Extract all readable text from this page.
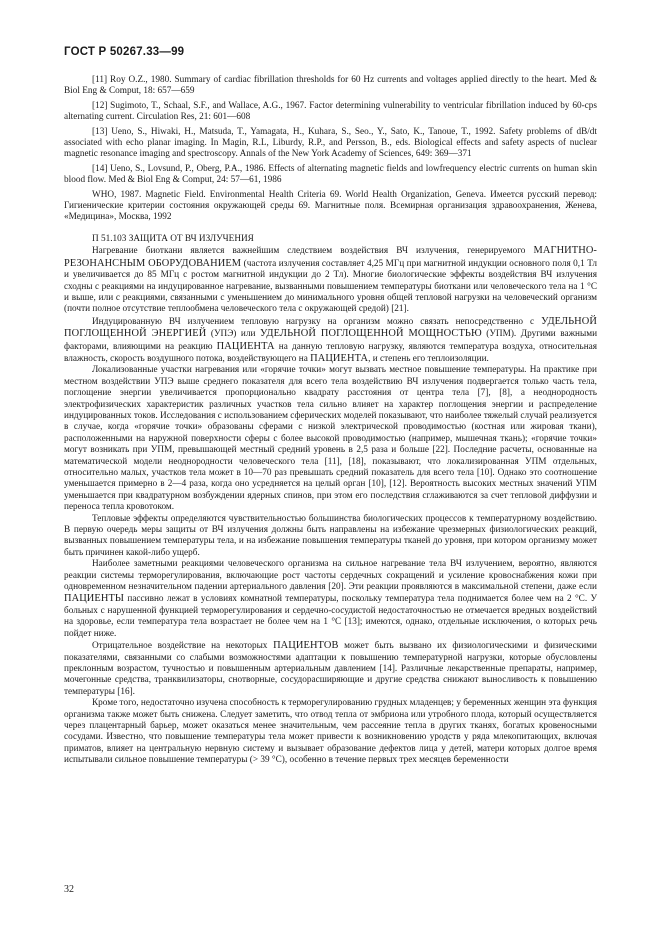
ГОСТ Р 50267.33—99

[11] Roy O.Z., 1980. Summary of cardiac fibrillation thresholds for 60 Hz currents and voltages applied directly to the heart. Med & Biol Eng & Comput, 18: 657—659

[12] Sugimoto, T., Schaal, S.F., and Wallace, A.G., 1967. Factor determining vulnerability to ventricular fibrillation induced by 60-cps alternating current. Circulation Res, 21: 601—608

[13] Ueno, S., Hiwaki, H., Matsuda, T., Yamagata, H., Kuhara, S., Seo., Y., Sato, K., Tanoue, T., 1992. Safety problems of dB/dt associated with echo planar imaging. In Magin, R.L, Liburdy, R.P., and Persson, B., eds. Biological effects and safety aspects of nuclear magnetic resonance imaging and spectroscopy. Annals of the New York Academy of Sciences, 649: 369—371

[14] Ueno, S., Lovsund, P., Oberg, P.A., 1986. Effects of alternating magnetic fields and lowfrequency electric currents on human skin blood flow. Med & Biol Eng & Comput, 24: 57—61, 1986

WHO, 1987. Magnetic Field. Environmental Health Criteria 69. World Health Organization, Geneva. Имеется русский перевод: Гигиенические критерии состояния окружающей среды 69. Магнитные поля. Всемирная организация здравоохранения, Женева, «Медицина», Москва, 1992

П 51.103 ЗАЩИТА ОТ ВЧ ИЗЛУЧЕНИЯ

Нагревание биоткани является важнейшим следствием воздействия ВЧ излучения, генерируемого МАГНИТНО-РЕЗОНАНСНЫМ ОБОРУДОВАНИЕМ (частота излучения составляет 4,25 МГц при магнитной индукции основного поля 0,1 Тл и увеличивается до 85 МГц с ростом магнитной индукции до 2 Тл). Многие биологические эффекты воздействия ВЧ излучения сходны с реакциями на индуцированное нагревание, вызванными повышением температуры биоткани или человеческого тела на 1 °С и выше, или с реакциями, связанными с уменьшением до минимального уровня общей тепловой нагрузки на человеческий организм (почти полное отсутствие теплообмена человеческого тела с окружающей средой) [21].

Индуцированную ВЧ излучением тепловую нагрузку на организм можно связать непосредственно с УДЕЛЬНОЙ ПОГЛОЩЕННОЙ ЭНЕРГИЕЙ (УПЭ) или УДЕЛЬНОЙ ПОГЛОЩЕННОЙ МОЩНОСТЬЮ (УПМ). Другими важными факторами, влияющими на реакцию ПАЦИЕНТА на данную тепловую нагрузку, являются температура воздуха, относительная влажность, скорость воздушного потока, воздействующего на ПАЦИЕНТА, и степень его теплоизоляции.

Локализованные участки нагревания или «горячие точки» могут вызвать местное повышение температуры. На практике при местном воздействии УПЭ выше среднего показателя для всего тела воздействию ВЧ излучения подвергается только часть тела, поглощение энергии увеличивается пропорционально квадрату расстояния от центра тела [7], [8], а неоднородность электрофизических характеристик различных участков тела сильно влияет на характер поглощения энергии и распределение индуцированных токов. Исследования с использованием сферических моделей показывают, что наиболее тяжелый случай реализуется в случае, когда «горячие точки» образованы сферами с низкой электрической проводимостью (костная или жировая ткани), расположенными на наружной поверхности сферы с более высокой проводимостью (например, мышечная ткань); «горячие точки» могут возникать при УПМ, превышающей местный средний уровень в 2,5 раза и больше [22]. Последние расчеты, основанные на математической модели неоднородности человеческого тела [11], [18], показывают, что локализированная УПМ отдельных, относительно малых, участков тела может в 10—70 раз превышать средний показатель для всего тела [10]. Однако это соотношение уменьшается примерно в 2—4 раза, когда оно усредняется на целый орган [10], [12]. Вероятность высоких местных значений УПМ уменьшается при квадратурном возбуждении ядерных спинов, при этом его последствия сглаживаются за счет тепловой диффузии и переноса тепла кровотоком.

Тепловые эффекты определяются чувствительностью большинства биологических процессов к температурному воздействию. В первую очередь меры защиты от ВЧ излучения должны быть направлены на избежание чрезмерных физиологических реакций, вызванных повышением температуры тела, и на избежание повышения температуры тканей до уровня, при котором организму может быть причинен какой-либо ущерб.

Наиболее заметными реакциями человеческого организма на сильное нагревание тела ВЧ излучением, вероятно, являются реакции системы терморегулирования, включающие рост частоты сердечных сокращений и усиление кровоснабжения кожи при одновременном незначительном падении артериального давления [20]. Эти реакции проявляются в максимальной степени, даже если ПАЦИЕНТЫ пассивно лежат в условиях комнатной температуры, поскольку температура тела поднимается более чем на 2 °С. У больных с нарушенной функцией терморегулирования и сердечно-сосудистой недостаточностью не отмечается вредных воздействий на здоровье, если температура тела возрастает не более чем на 1 °С [13]; имеются, однако, отдельные исключения, о которых речь пойдет ниже.

Отрицательное воздействие на некоторых ПАЦИЕНТОВ может быть вызвано их физиологическими и физическими показателями, связанными со слабыми возможностями адаптации к повышению температурной нагрузки, которые обусловлены преклонным возрастом, тучностью и повышенным артериальным давлением [14]. Различные лекарственные препараты, например, мочегонные средства, транквилизаторы, снотворные, сосудорасширяющие и другие средства снижают выносливость к повышению температуры [16].

Кроме того, недостаточно изучена способность к терморегулированию грудных младенцев; у беременных женщин эта функция организма также может быть снижена. Следует заметить, что отвод тепла от эмбриона или утробного плода, который осуществляется через плацентарный барьер, может оказаться менее значительным, чем рассеяние тепла в других тканях, богатых кровеносными сосудами. Известно, что повышение температуры тела может привести к возникновению уродств у ряда млекопитающих, включая приматов, влияет на центральную нервную систему и вызывает образование дефектов лица у детей, матери которых долгое время испытывали сильное повышение температуры (> 39 °С), особенно в течение первых трех месяцев беременности

32
